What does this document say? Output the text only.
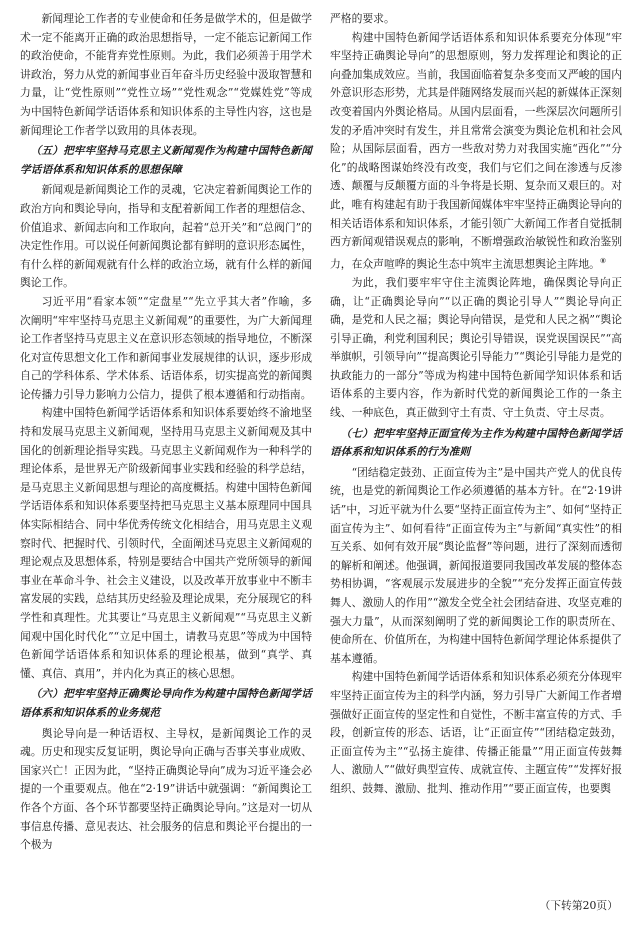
新闻理论工作者的专业使命和任务是做学术的，但是做学术一定不能离开正确的政治思想指导，一定不能忘记新闻工作的政治使命，不能背弃党性原则。为此，我们必须善于用学术讲政治，努力从党的新闻事业百年奋斗历史经验中汲取智慧和力量，让“党性原则”“党性立场”“党性观念”“党媒姓党”等成为中国特色新闻学话语体系和知识体系的主导性内容，这也是新闻理论工作者学以致用的具体表现。

（五）把牢牢坚持马克思主义新闻观作为构建中国特色新闻学话语体系和知识体系的思想保障

新闻观是新闻舆论工作的灵魂，它决定着新闻舆论工作的政治方向和舆论导向，指导和支配着新闻工作者的理想信念、价值追求、新闻志向和工作取向，起着“总开关”和“总阀门”的决定性作用。可以说任何新闻舆论都有鲜明的意识形态属性，有什么样的新闻观就有什么样的政治立场，就有什么样的新闻舆论工作。

习近平用“看家本领”“定盘星”“先立乎其大者”作喻，多次阐明“牢牢坚持马克思主义新闻观”的重要性，为广大新闻理论工作者坚持马克思主义在意识形态领域的指导地位，不断深化对宣传思想文化工作和新闻事业发展规律的认识，逐步形成自己的学科体系、学术体系、话语体系，切实提高党的新闻舆论传播力引导力影响力公信力，提供了根本遵循和行动指南。

构建中国特色新闻学话语体系和知识体系要始终不渝地坚持和发展马克思主义新闻观，坚持用马克思主义新闻观及其中国化的创新理论指导实践。马克思主义新闻观作为一种科学的理论体系，是世界无产阶级新闻事业实践和经验的科学总结，是马克思主义新闻思想与理论的高度概括。构建中国特色新闻学话语体系和知识体系要坚持把马克思主义基本原理同中国具体实际相结合、同中华优秀传统文化相结合，用马克思主义观察时代、把握时代、引领时代，全面阐述马克思主义新闻观的理论观点及思想体系，特别是要结合中国共产党所领导的新闻事业在革命斗争、社会主义建设，以及改革开放事业中不断丰富发展的实践，总结其历史经验及理论成果，充分展现它的科学性和真理性。尤其要让“马克思主义新闻观”“马克思主义新闻观中国化时代化”“立足中国土，请教马克思”等成为中国特色新闻学话语体系和知识体系的理论根基，做到“真学、真懂、真信、真用”，并内化为真正的核心思想。

（六）把牢牢坚持正确舆论导向作为构建中国特色新闻学话语体系和知识体系的业务规范

舆论导向是一种话语权、主导权，是新闻舆论工作的灵魂。历史和现实反复证明，舆论导向正确与否事关事业成败、国家兴亡！正因为此，“坚持正确舆论导向”成为习近平逢会必提的一个重要观点。他在“2·19”讲话中就强调：“新闻舆论工作各个方面、各个环节都要坚持正确舆论导向。”这是对一切从事信息传播、意见表达、社会服务的信息和舆论平台提出的一个极为

严格的要求。

构建中国特色新闻学话语体系和知识体系要充分体现“牢牢坚持正确舆论导向”的思想原则，努力发挥理论和舆论的正向叠加集成效应。当前，我国面临着复杂多变而又严峻的国内外意识形态形势，尤其是伴随网络发展而兴起的新媒体正深刻改变着国内外舆论格局。从国内层面看，一些深层次问题所引发的矛盾冲突时有发生，并且常常会演变为舆论危机和社会风险；从国际层面看，西方一些敌对势力对我国实施“西化”“分化”的战略图谋始终没有改变，我们与它们之间在渗透与反渗透、颠覆与反颠覆方面的斗争将是长期、复杂而又艰巨的。对此，唯有构建起有助于我国新闻媒体牢牢坚持正确舆论导向的相关话语体系和知识体系，才能引领广大新闻工作者自觉抵制西方新闻观错误观点的影响，不断增强政治敏锐性和政治鉴别力，在众声喧哗的舆论生态中筑牢主流思想舆论主阵地。⑧

为此，我们要牢牢守住主流舆论阵地，确保舆论导向正确，让“正确舆论导向”“以正确的舆论引导人”“舆论导向正确，是党和人民之福；舆论导向错误，是党和人民之祸”“舆论引导正确，利党利国利民；舆论引导错误，误党误国误民”“高举旗帜，引领导向”“提高舆论引导能力”“舆论引导能力是党的执政能力的一部分”等成为构建中国特色新闻学知识体系和话语体系的主要内容，作为新时代党的新闻舆论工作的一条主线、一种底色，真正做到守土有责、守土负责、守土尽责。

（七）把牢牢坚持正面宣传为主作为构建中国特色新闻学话语体系和知识体系的行为准则

“团结稳定鼓劲、正面宣传为主”是中国共产党人的优良传统，也是党的新闻舆论工作必须遵循的基本方针。在“2·19讲话”中，习近平就为什么要“坚持正面宣传为主”、如何“坚持正面宣传为主”、如何看待“正面宣传为主”与新闻“真实性”的相互关系、如何有效开展“舆论监督”等问题，进行了深刻而透彻的解析和阐述。他强调，新闻报道要同我国改革发展的整体态势相协调，“客观展示发展进步的全貌”“充分发挥正面宣传鼓舞人、激励人的作用”“激发全党全社会团结奋进、攻坚克难的强大力量”，从而深刻阐明了党的新闻舆论工作的职责所在、使命所在、价值所在，为构建中国特色新闻学理论体系提供了基本遵循。

构建中国特色新闻学话语体系和知识体系必须充分体现牢牢坚持正面宣传为主的科学内涵，努力引导广大新闻工作者增强做好正面宣传的坚定性和自觉性，不断丰富宣传的方式、手段，创新宣传的形态、话语，让“正面宣传”“团结稳定鼓劲，正面宣传为主”“弘扬主旋律、传播正能量”“用正面宣传鼓舞人、激励人”“做好典型宣传、成就宣传、主题宣传”“发挥好报组织、鼓舞、激励、批判、推动作用”“要正面宣传，也要舆

（下转第20页）
